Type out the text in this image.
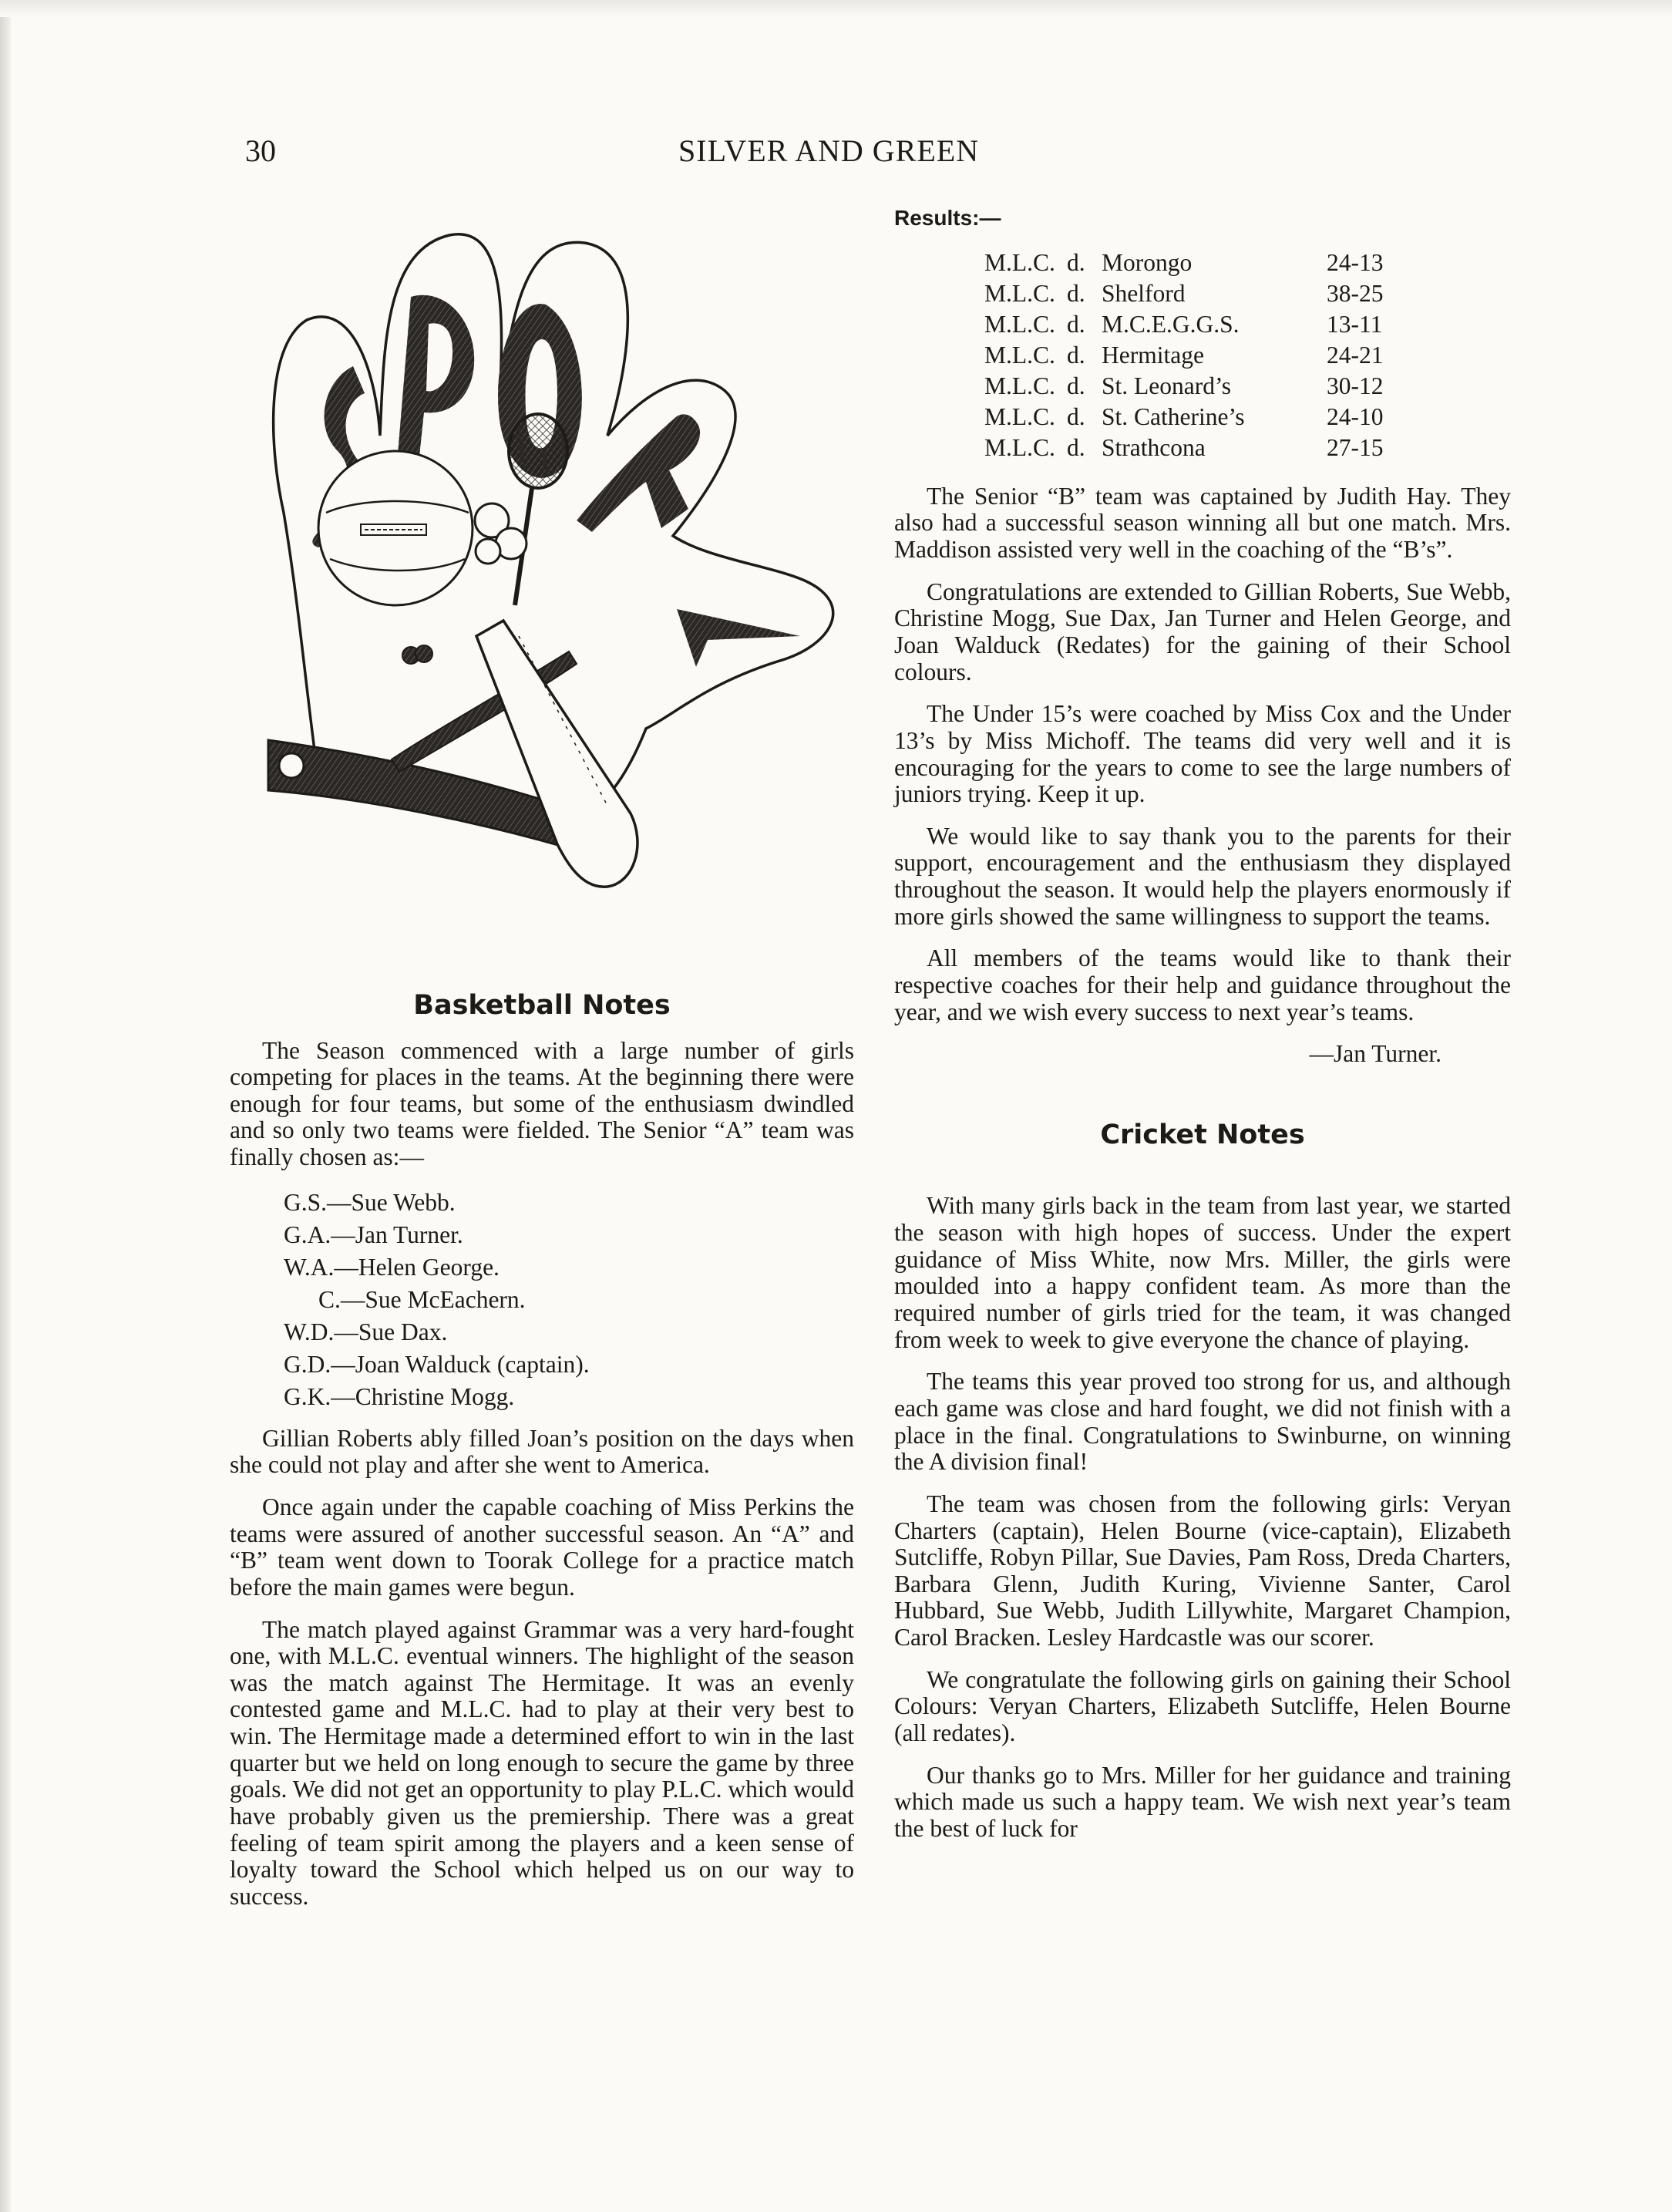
30	SILVER AND GREEN
Basketball Notes

The Season commenced with a large number of girls competing for places in the teams. At the beginning there were enough for four teams, but some of the enthusiasm dwindled and so only two teams were fielded. The Senior “A” team was finally chosen as:—

G.S.—Sue Webb.
G.A.—Jan Turner.
W.A.—Helen George.
C.—Sue McEachern.
W.D.—Sue Dax.
G.D.—Joan Walduck (captain).
G.K.—Christine Mogg.

Gillian Roberts ably filled Joan’s position on the days when she could not play and after she went to America.

Once again under the capable coaching of Miss Perkins the teams were assured of another successful season. An “A” and “B” team went down to Toorak College for a practice match before the main games were begun.

The match played against Grammar was a very hard-fought one, with M.L.C. eventual winners. The highlight of the season was the match against The Hermitage. It was an evenly contested game and M.L.C. had to play at their very best to win. The Hermitage made a determined effort to win in the last quarter but we held on long enough to secure the game by three goals. We did not get an opportunity to play P.L.C. which would have probably given us the premiership. There was a great feeling of team spirit among the players and a keen sense of loyalty toward the School which helped us on our way to success.

Results:—
M.L.C.	d.	Morongo	24-13
M.L.C.	d.	Shelford	38-25
M.L.C.	d.	M.C.E.G.G.S.	13-11
M.L.C.	d.	Hermitage	24-21
M.L.C.	d.	St. Leonard’s	30-12
M.L.C.	d.	St. Catherine’s	24-10
M.L.C.	d.	Strathcona	27-15

The Senior “B” team was captained by Judith Hay. They also had a successful season winning all but one match. Mrs. Maddison assisted very well in the coaching of the “B’s”.

Congratulations are extended to Gillian Roberts, Sue Webb, Christine Mogg, Sue Dax, Jan Turner and Helen George, and Joan Walduck (Redates) for the gaining of their School colours.

The Under 15’s were coached by Miss Cox and the Under 13’s by Miss Michoff. The teams did very well and it is encouraging for the years to come to see the large numbers of juniors trying. Keep it up.

We would like to say thank you to the parents for their support, encouragement and the enthusiasm they displayed throughout the season. It would help the players enormously if more girls showed the same willingness to support the teams.

All members of the teams would like to thank their respective coaches for their help and guidance throughout the year, and we wish every success to next year’s teams.

—Jan Turner.

Cricket Notes

With many girls back in the team from last year, we started the season with high hopes of success. Under the expert guidance of Miss White, now Mrs. Miller, the girls were moulded into a happy confident team. As more than the required number of girls tried for the team, it was changed from week to week to give everyone the chance of playing.

The teams this year proved too strong for us, and although each game was close and hard fought, we did not finish with a place in the final. Congratulations to Swinburne, on winning the A division final!

The team was chosen from the following girls: Veryan Charters (captain), Helen Bourne (vice-captain), Elizabeth Sutcliffe, Robyn Pillar, Sue Davies, Pam Ross, Dreda Charters, Barbara Glenn, Judith Kuring, Vivienne Santer, Carol Hubbard, Sue Webb, Judith Lillywhite, Margaret Champion, Carol Bracken. Lesley Hardcastle was our scorer.

We congratulate the following girls on gaining their School Colours: Veryan Charters, Elizabeth Sutcliffe, Helen Bourne (all redates).

Our thanks go to Mrs. Miller for her guidance and training which made us such a happy team. We wish next year’s team the best of luck for
